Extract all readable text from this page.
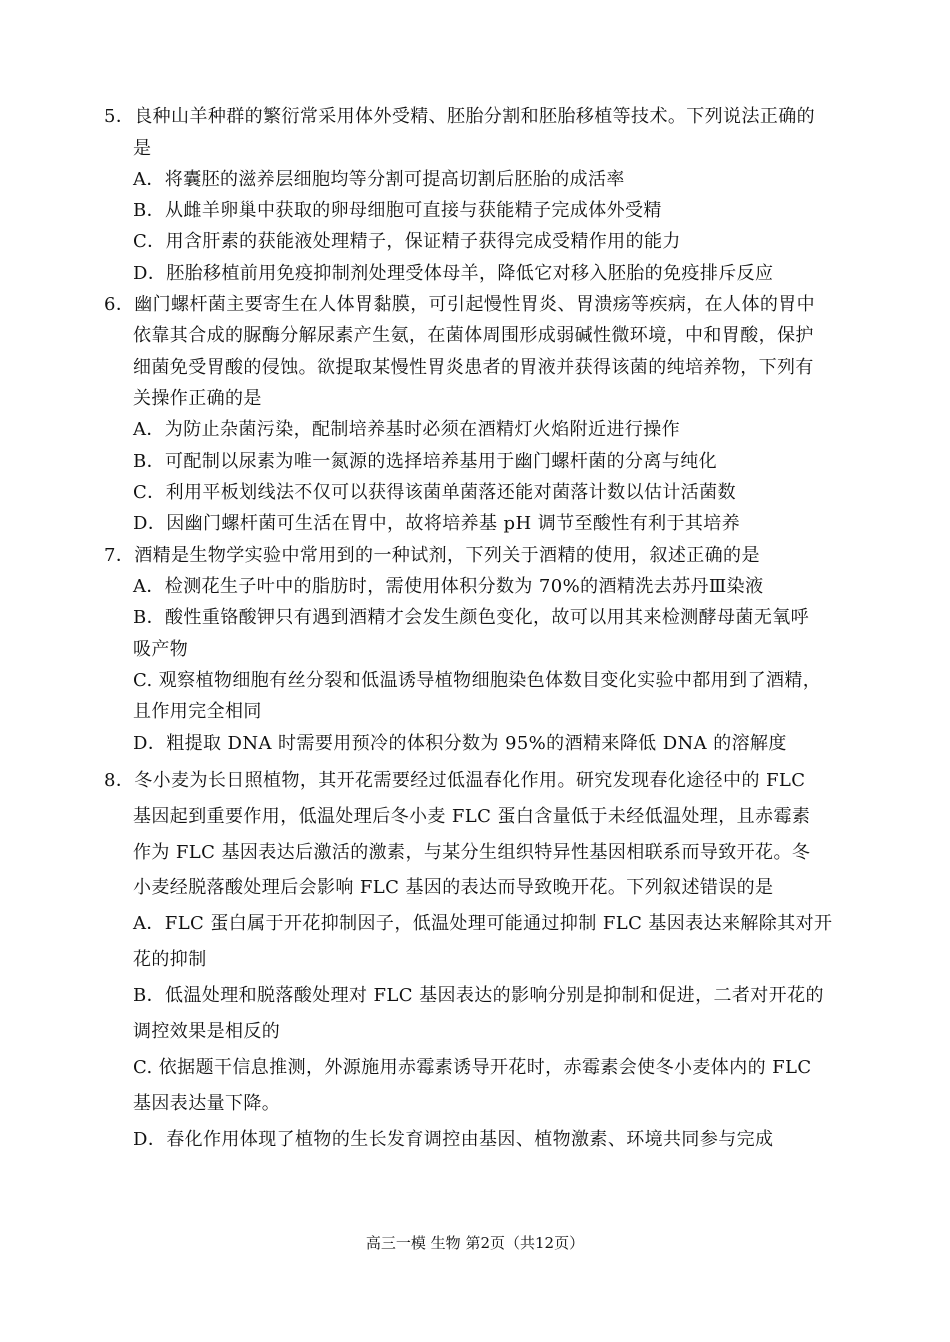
5．良种山羊种群的繁衍常采用体外受精、胚胎分割和胚胎移植等技术。下列说法正确的
是
A．将囊胚的滋养层细胞均等分割可提高切割后胚胎的成活率
B．从雌羊卵巢中获取的卵母细胞可直接与获能精子完成体外受精
C．用含肝素的获能液处理精子，保证精子获得完成受精作用的能力
D．胚胎移植前用免疫抑制剂处理受体母羊，降低它对移入胚胎的免疫排斥反应
6．幽门螺杆菌主要寄生在人体胃黏膜，可引起慢性胃炎、胃溃疡等疾病，在人体的胃中
依靠其合成的脲酶分解尿素产生氨，在菌体周围形成弱碱性微环境，中和胃酸，保护
细菌免受胃酸的侵蚀。欲提取某慢性胃炎患者的胃液并获得该菌的纯培养物，下列有
关操作正确的是
A．为防止杂菌污染，配制培养基时必须在酒精灯火焰附近进行操作
B．可配制以尿素为唯一氮源的选择培养基用于幽门螺杆菌的分离与纯化
C．利用平板划线法不仅可以获得该菌单菌落还能对菌落计数以估计活菌数
D．因幽门螺杆菌可生活在胃中，故将培养基 pH 调节至酸性有利于其培养
7．酒精是生物学实验中常用到的一种试剂，下列关于酒精的使用，叙述正确的是
A．检测花生子叶中的脂肪时，需使用体积分数为 70%的酒精洗去苏丹Ⅲ染液
B．酸性重铬酸钾只有遇到酒精才会发生颜色变化，故可以用其来检测酵母菌无氧呼
吸产物
C. 观察植物细胞有丝分裂和低温诱导植物细胞染色体数目变化实验中都用到了酒精，
且作用完全相同
D．粗提取 DNA 时需要用预冷的体积分数为 95%的酒精来降低 DNA 的溶解度
8．冬小麦为长日照植物，其开花需要经过低温春化作用。研究发现春化途径中的 FLC
基因起到重要作用，低温处理后冬小麦 FLC 蛋白含量低于未经低温处理，且赤霉素
作为 FLC 基因表达后激活的激素，与某分生组织特异性基因相联系而导致开花。冬
小麦经脱落酸处理后会影响 FLC 基因的表达而导致晚开花。下列叙述错误的是
A．FLC 蛋白属于开花抑制因子，低温处理可能通过抑制 FLC 基因表达来解除其对开
花的抑制
B．低温处理和脱落酸处理对 FLC 基因表达的影响分别是抑制和促进，二者对开花的
调控效果是相反的
C. 依据题干信息推测，外源施用赤霉素诱导开花时，赤霉素会使冬小麦体内的 FLC
基因表达量下降。
D．春化作用体现了植物的生长发育调控由基因、植物激素、环境共同参与完成
高三一模 生物 第2页（共12页）
